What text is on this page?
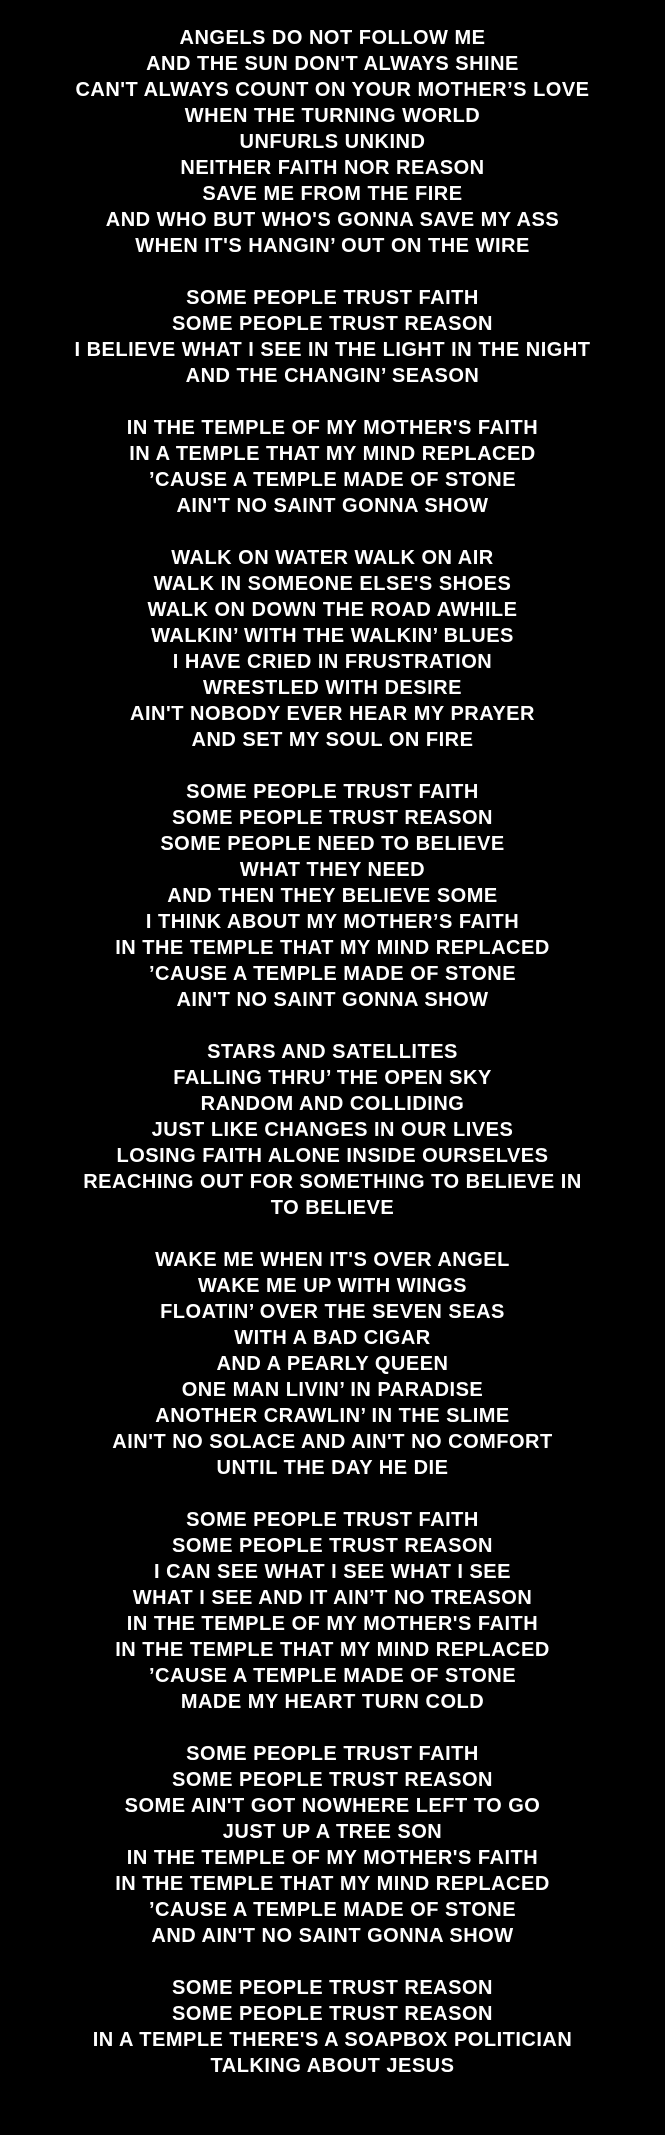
ANGELS DO NOT FOLLOW ME
AND THE SUN DON'T ALWAYS SHINE
CAN'T ALWAYS COUNT ON YOUR MOTHER’S LOVE
WHEN THE TURNING WORLD
UNFURLS UNKIND
NEITHER FAITH NOR REASON
SAVE ME FROM THE FIRE
AND WHO BUT WHO'S GONNA SAVE MY ASS
WHEN IT'S HANGIN’ OUT ON THE WIRE
SOME PEOPLE TRUST FAITH
SOME PEOPLE TRUST REASON
I BELIEVE WHAT I SEE IN THE LIGHT IN THE NIGHT
AND THE CHANGIN’ SEASON
IN THE TEMPLE OF MY MOTHER'S FAITH
IN A TEMPLE THAT MY MIND REPLACED
’CAUSE A TEMPLE MADE OF STONE
AIN'T NO SAINT GONNA SHOW
WALK ON WATER WALK ON AIR
WALK IN SOMEONE ELSE'S SHOES
WALK ON DOWN THE ROAD AWHILE
WALKIN’ WITH THE WALKIN’ BLUES
I HAVE CRIED IN FRUSTRATION
WRESTLED WITH DESIRE
AIN'T NOBODY EVER HEAR MY PRAYER
AND SET MY SOUL ON FIRE
SOME PEOPLE TRUST FAITH
SOME PEOPLE TRUST REASON
SOME PEOPLE NEED TO BELIEVE
WHAT THEY NEED
AND THEN THEY BELIEVE SOME
I THINK ABOUT MY MOTHER’S FAITH
IN THE TEMPLE THAT MY MIND REPLACED
’CAUSE A TEMPLE MADE OF STONE
AIN'T NO SAINT GONNA SHOW
STARS AND SATELLITES
FALLING THRU’ THE OPEN SKY
RANDOM AND COLLIDING
JUST LIKE CHANGES IN OUR LIVES
LOSING FAITH ALONE INSIDE OURSELVES
REACHING OUT FOR SOMETHING TO BELIEVE IN
TO BELIEVE
WAKE ME WHEN IT'S OVER ANGEL
WAKE ME UP WITH WINGS
FLOATIN’ OVER THE SEVEN SEAS
WITH A BAD CIGAR
AND A PEARLY QUEEN
ONE MAN LIVIN’ IN PARADISE
ANOTHER CRAWLIN’ IN THE SLIME
AIN'T NO SOLACE AND AIN'T NO COMFORT
UNTIL THE DAY HE DIE
SOME PEOPLE TRUST FAITH
SOME PEOPLE TRUST REASON
I CAN SEE WHAT I SEE WHAT I SEE
WHAT I SEE AND IT AIN’T NO TREASON
IN THE TEMPLE OF MY MOTHER'S FAITH
IN THE TEMPLE THAT MY MIND REPLACED
’CAUSE A TEMPLE MADE OF STONE
MADE MY HEART TURN COLD
SOME PEOPLE TRUST FAITH
SOME PEOPLE TRUST REASON
SOME AIN'T GOT NOWHERE LEFT TO GO
JUST UP A TREE SON
IN THE TEMPLE OF MY MOTHER'S FAITH
IN THE TEMPLE THAT MY MIND REPLACED
’CAUSE A TEMPLE MADE OF STONE
AND AIN'T NO SAINT GONNA SHOW
SOME PEOPLE TRUST REASON
SOME PEOPLE TRUST REASON
IN A TEMPLE THERE'S A SOAPBOX POLITICIAN
TALKING ABOUT JESUS
